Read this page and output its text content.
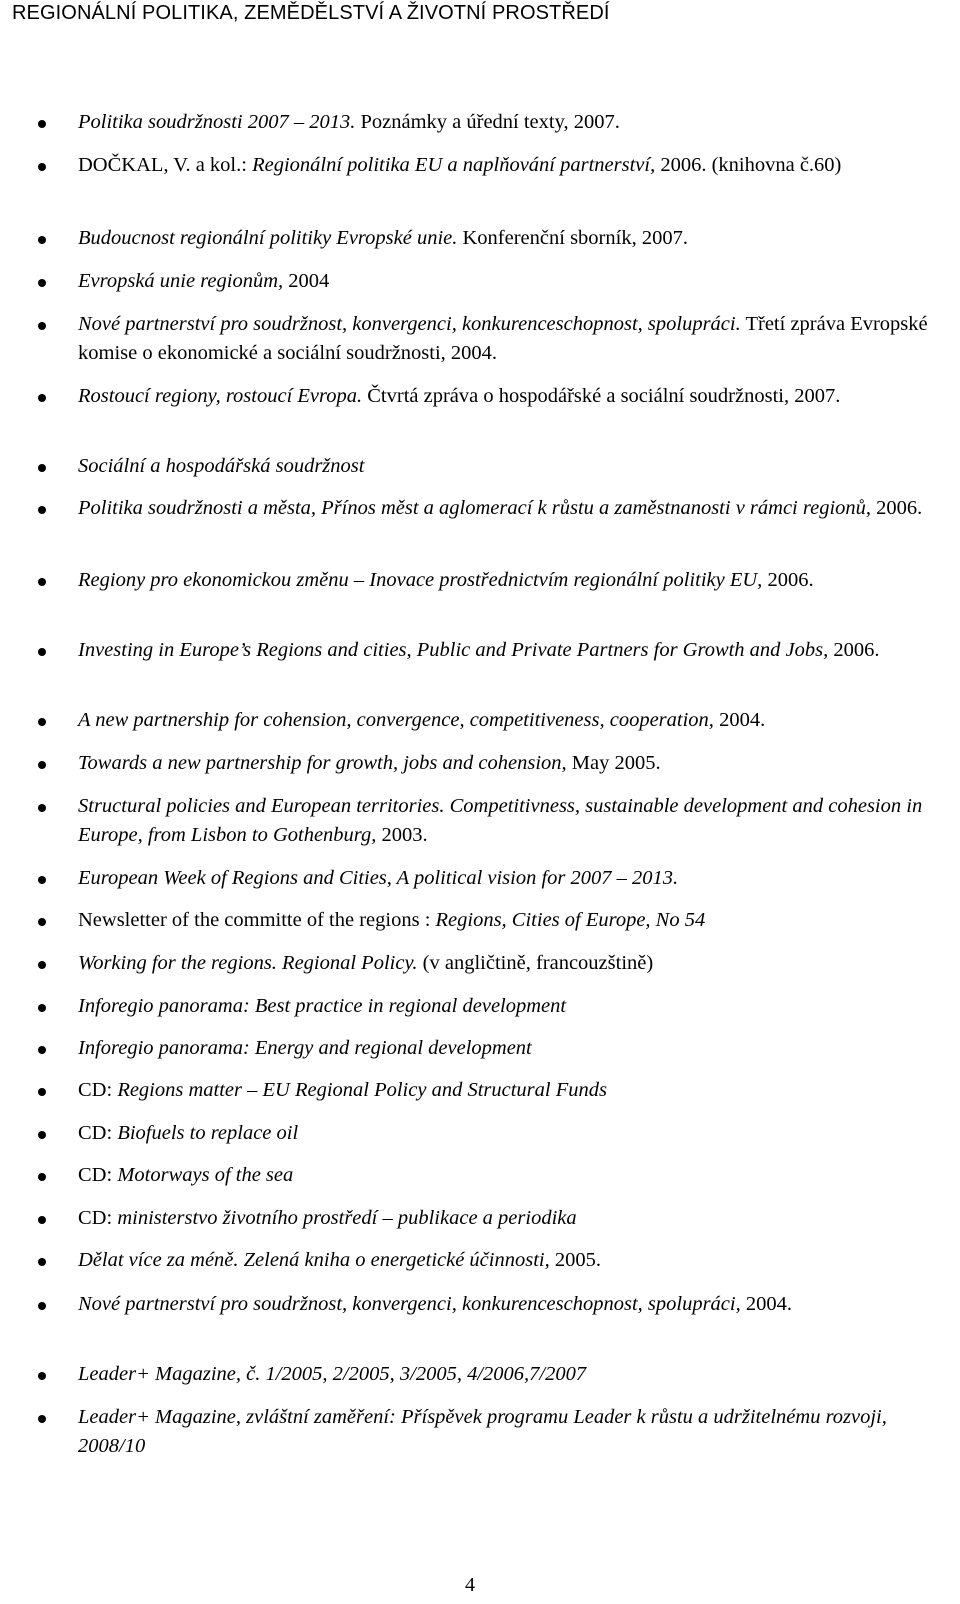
REGIONÁLNÍ POLITIKA, ZEMĚDĚLSTVÍ A ŽIVOTNÍ PROSTŘEDÍ
Politika soudržnosti 2007 – 2013. Poznámky a úřední texty, 2007.
DOČKAL, V. a kol.: Regionální politika EU a naplňování partnerství, 2006. (knihovna č.60)
Budoucnost regionální politiky Evropské unie. Konferenční sborník, 2007.
Evropská unie regionům, 2004
Nové partnerství pro soudržnost, konvergenci, konkurenceschopnost, spolupráci. Třetí zpráva Evropské komise o ekonomické a sociální soudržnosti, 2004.
Rostoucí regiony, rostoucí Evropa. Čtvrtá zpráva o hospodářské a sociální soudržnosti, 2007.
Sociální a hospodářská soudržnost
Politika soudržnosti a města, Přínos měst a aglomerací k růstu a zaměstnanosti v rámci regionů, 2006.
Regiony pro ekonomickou změnu – Inovace prostřednictvím regionální politiky EU, 2006.
Investing in Europe’s Regions and cities, Public and Private Partners for Growth and Jobs, 2006.
A new partnership for cohension, convergence, competitiveness, cooperation, 2004.
Towards a new partnership for growth, jobs and cohension, May 2005.
Structural policies and European territories. Competitivness, sustainable development and cohesion in Europe, from Lisbon to Gothenburg, 2003.
European Week of Regions and Cities, A political vision for 2007 – 2013.
Newsletter of the committe of the regions : Regions, Cities of Europe, No 54
Working for the regions. Regional Policy. (v angličtině, francouzštině)
Inforegio panorama: Best practice in regional development
Inforegio panorama: Energy and regional development
CD: Regions matter – EU Regional Policy and Structural Funds
CD: Biofuels to replace oil
CD: Motorways of the sea
CD: ministerstvo životního prostředí – publikace a periodika
Dělat více za méně. Zelená kniha o energetické účinnosti, 2005.
Nové partnerství pro soudržnost, konvergenci, konkurenceschopnost, spolupráci, 2004.
Leader+ Magazine, č. 1/2005, 2/2005, 3/2005, 4/2006,7/2007
Leader+ Magazine, zvláštní zaměření: Příspěvek programu Leader k růstu a udržitelnému rozvoji, 2008/10
4
